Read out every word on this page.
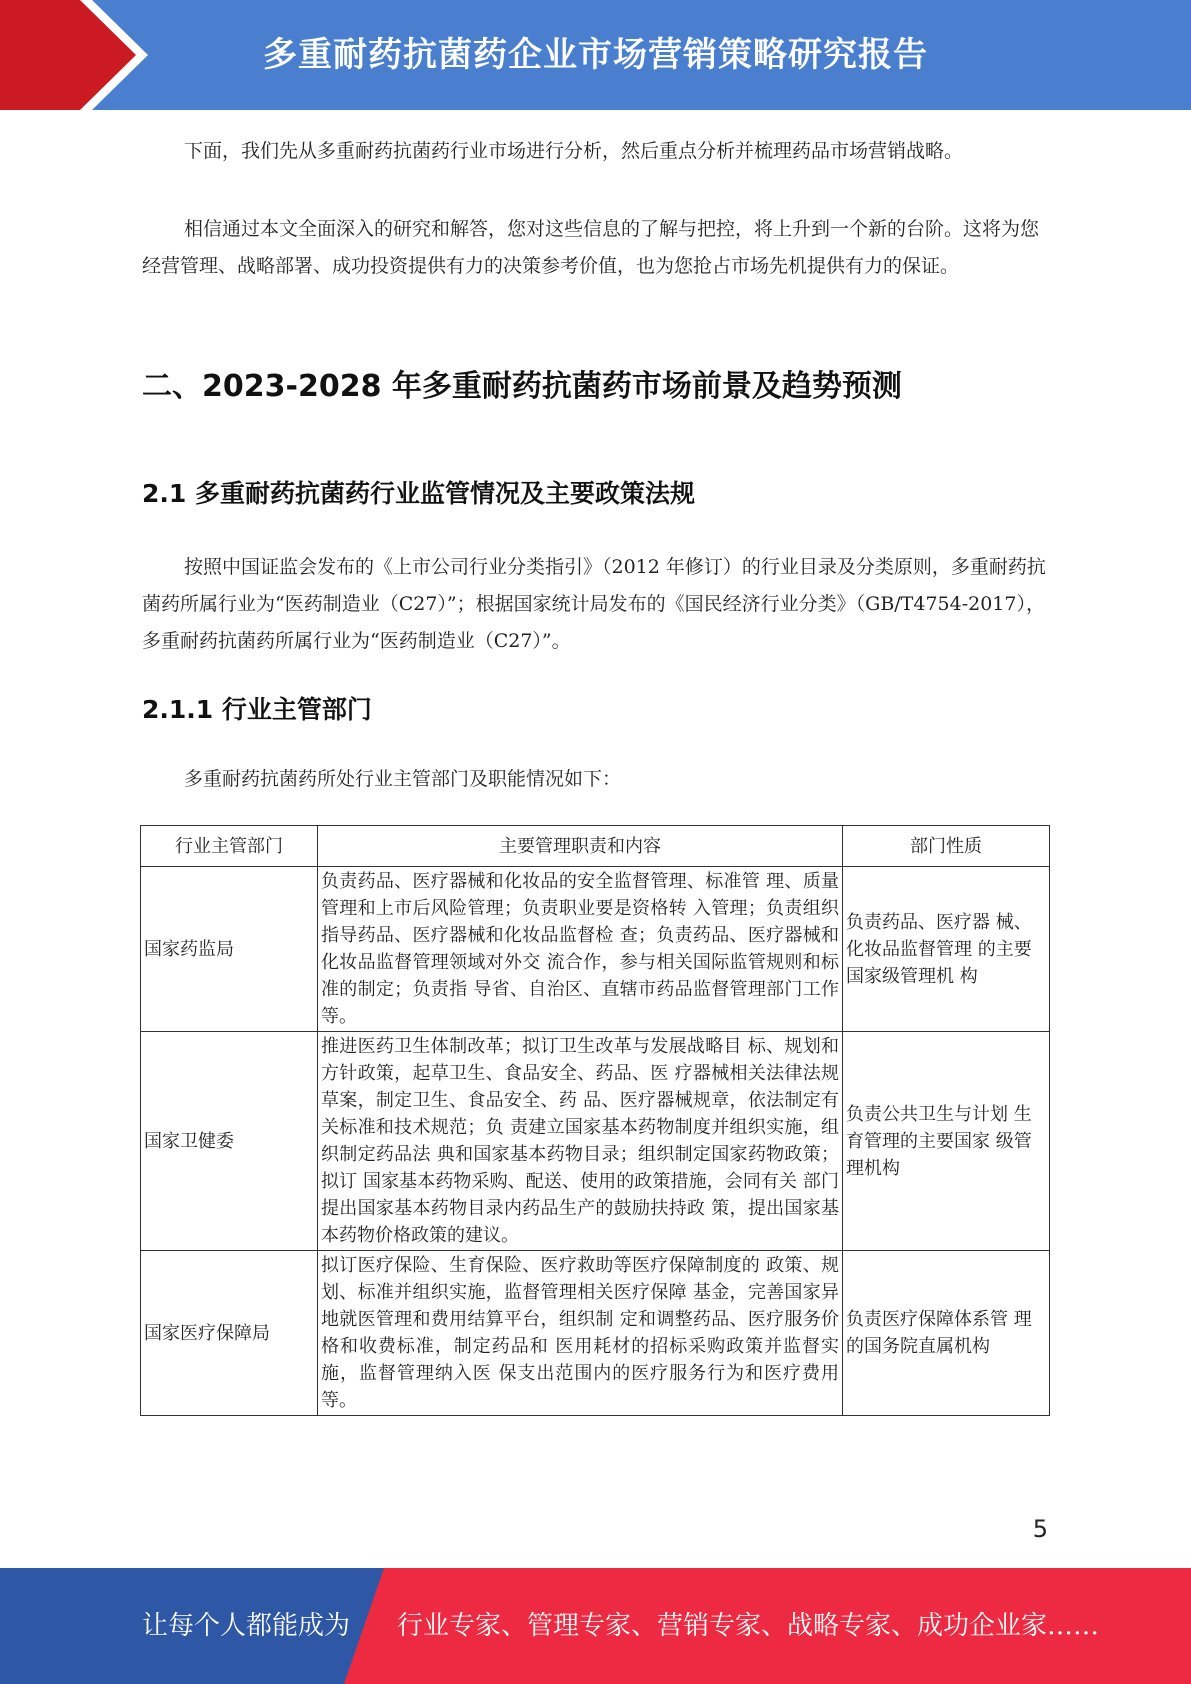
多重耐药抗菌药企业市场营销策略研究报告

下面，我们先从多重耐药抗菌药行业市场进行分析，然后重点分析并梳理药品市场营销战略。

相信通过本文全面深入的研究和解答，您对这些信息的了解与把控，将上升到一个新的台阶。这将为您经营管理、战略部署、成功投资提供有力的决策参考价值，也为您抢占市场先机提供有力的保证。

二、2023-2028 年多重耐药抗菌药市场前景及趋势预测
2.1 多重耐药抗菌药行业监管情况及主要政策法规

按照中国证监会发布的《上市公司行业分类指引》（2012 年修订）的行业目录及分类原则，多重耐药抗菌药所属行业为“医药制造业（C27）”；根据国家统计局发布的《国民经济行业分类》（GB/T4754-2017），多重耐药抗菌药所属行业为“医药制造业（C27）”。

2.1.1 行业主管部门

多重耐药抗菌药所处行业主管部门及职能情况如下：

行业主管部门	主要管理职责和内容	部门性质
国家药监局	负责药品、医疗器械和化妆品的安全监督管理、标准管 理、质量管理和上市后风险管理；负责职业要是资格转 入管理；负责组织指导药品、医疗器械和化妆品监督检 查；负责药品、医疗器械和化妆品监督管理领域对外交 流合作，参与相关国际监管规则和标准的制定；负责指 导省、自治区、直辖市药品监督管理部门工作等。	负责药品、医疗器 械、化妆品监督管理 的主要国家级管理机 构
国家卫健委	推进医药卫生体制改革；拟订卫生改革与发展战略目 标、规划和方针政策，起草卫生、食品安全、药品、医 疗器械相关法律法规草案，制定卫生、食品安全、药 品、医疗器械规章，依法制定有关标准和技术规范；负 责建立国家基本药物制度并组织实施，组织制定药品法 典和国家基本药物目录；组织制定国家药物政策；拟订 国家基本药物采购、配送、使用的政策措施，会同有关 部门提出国家基本药物目录内药品生产的鼓励扶持政 策，提出国家基本药物价格政策的建议。	负责公共卫生与计划 生育管理的主要国家 级管理机构
国家医疗保障局	拟订医疗保险、生育保险、医疗救助等医疗保障制度的 政策、规划、标准并组织实施，监督管理相关医疗保障 基金，完善国家异地就医管理和费用结算平台，组织制 定和调整药品、医疗服务价格和收费标准，制定药品和 医用耗材的招标采购政策并监督实施，监督管理纳入医 保支出范围内的医疗服务行为和医疗费用等。	负责医疗保障体系管 理的国务院直属机构
5
让每个人都能成为 行业专家、管理专家、营销专家、战略专家、成功企业家……
